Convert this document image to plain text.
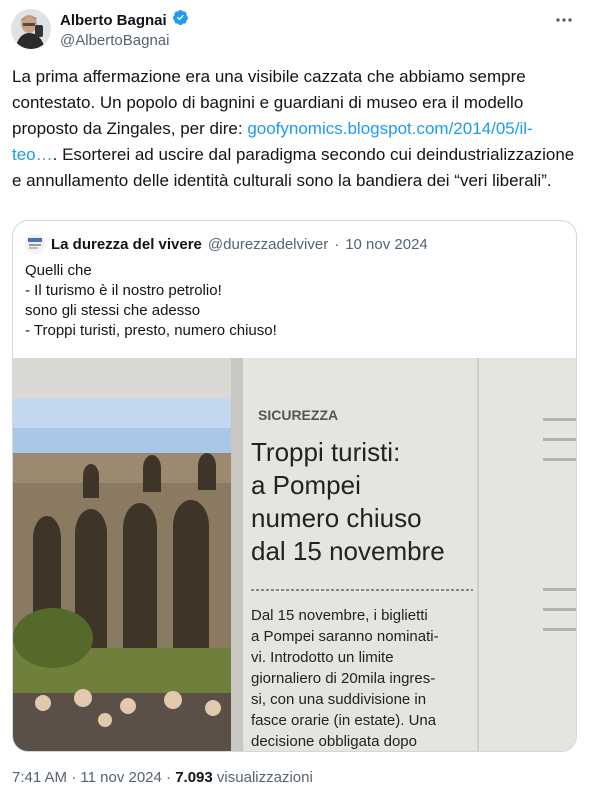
Alberto Bagnai
@AlbertoBagnai
La prima affermazione era una visibile cazzata che abbiamo sempre contestato. Un popolo di bagnini e guardiani di museo era il modello proposto da Zingales, per dire: goofynomics.blogspot.com/2014/05/il-teo…. Esorterei ad uscire dal paradigma secondo cui deindustrializzazione e annullamento delle identità culturali sono la bandiera dei “veri liberali”.
La durezza del vivere @durezzadelviver · 10 nov 2024
Quelli che
- Il turismo è il nostro petrolio!
sono gli stessi che adesso
- Troppi turisti, presto, numero chiuso!
SICUREZZA
Troppi turisti:
a Pompei
numero chiuso
dal 15 novembre
Dal 15 novembre, i biglietti
a Pompei saranno nominati-
vi. Introdotto un limite
giornaliero di 20mila ingres-
si, con una suddivisione in
fasce orarie (in estate). Una
decisione obbligata dopo
7:41 AM · 11 nov 2024 · 7.093 visualizzazioni
